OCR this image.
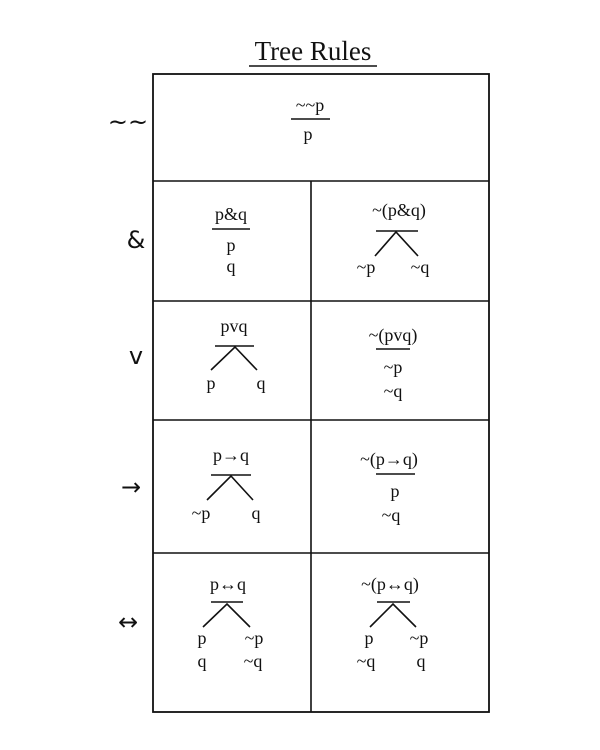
Tree Rules
~~
&
v
→
↔
~~p
p
p&q
p
q
~(p&q)
~p ~q
pvq
p q
~(pvq)
~p
~q
p→q
~p q
~(p→q)
p
~q
p↔q
p
q
~p
~q
~(p↔q)
p
~q
~p
q
